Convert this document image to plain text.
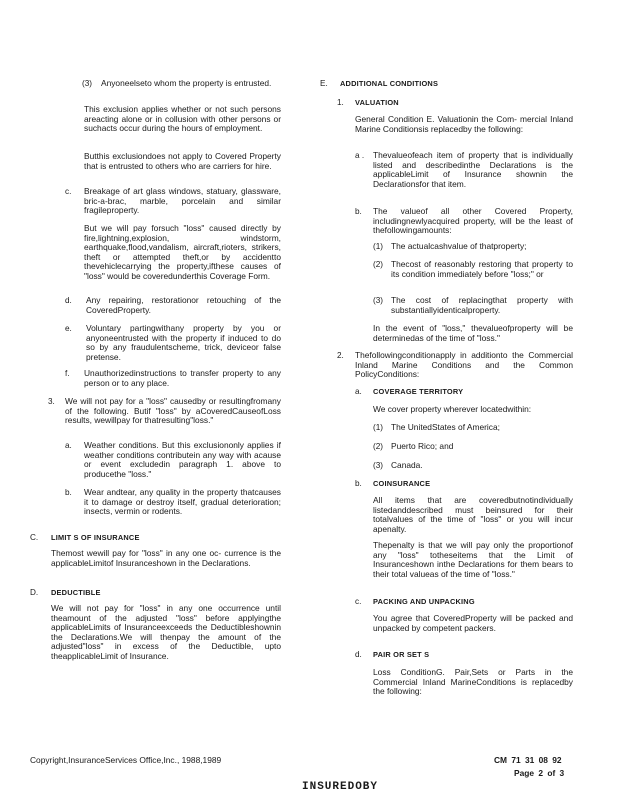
(3) Anyoneelseto whom the property is entrusted.

This exclusion applies whether or not such persons areacting alone or in collusion with other persons or suchacts occur during the hours of employment.

Butthis exclusiondoes not apply to Covered Property that is entrusted to others who are carriers for hire.

c. Breakage of art glass windows, statuary, glassware, bric-a-brac, marble, porcelain and similar fragileproperty.

But we will pay forsuch "loss" caused directly by fire,lightning,explosion, windstorm, earthquake,flood,vandalism, aircraft,rioters, strikers, theft or attempted theft,or by accidentto thevehiclecarrying the property,ifthese causes of "loss" would be coveredunderthis Coverage Form.

d. Any repairing, restorationor retouching of the CoveredProperty.

e. Voluntary partingwithany property by you or anyoneentrusted with the property if induced to do so by any fraudulentscheme, trick, deviceor false pretense.

f. Unauthorizedinstructions to transfer property to any person or to any place.

3. We will not pay for a "loss" causedby or resultingfromany of the following. Butif "loss" by aCoveredCauseofLoss results, wewillpay for thatresulting"loss."

a. Weather conditions. But this exclusiononly applies if weather conditions contributein any way with acause or event excludedin paragraph 1. above to producethe "loss."

b. Wear andtear, any quality in the property thatcauses it to damage or destroy itself, gradual deterioration; insects, vermin or rodents.

C. LIMIT S OF INSURANCE

Themost wewill pay for "loss" in any one oc- currence is the applicableLimitof Insuranceshown in the Declarations.

D. DEDUCTIBLE

We will not pay for "loss" in any one occurrence until theamount of the adjusted "loss" before applyingthe applicableLimits of Insuranceexceeds the Deductibleshownin the Declarations.We will thenpay the amount of the adjusted"loss" in excess of the Deductible, upto theapplicableLimit of Insurance.

E. ADDITIONAL CONDITIONS

1. VALUATION

General Condition E. Valuationin the Com- mercial Inland Marine Conditionsis replacedby the following:

a . Thevalueofeach item of property that is individually listed and describedinthe Declarations is the applicableLimit of Insurance shownin the Declarationsfor that item.

b. The valueof all other Covered Property, includingnewlyacquired property, will be the least of thefollowingamounts:

(1) The actualcashvalue of thatproperty;

(2) Thecost of reasonably restoring that property to its condition immediately before "loss;" or

(3) The cost of replacingthat property with substantiallyidenticalproperty.

In the event of "loss," thevalueofproperty will be determinedas of the time of "loss."

2. Thefollowingconditionapply in additionto the Commercial Inland Marine Conditions and the Common PolicyConditions:

a. COVERAGE TERRITORY

We cover property wherever locatedwithin:

(1) The UnitedStates of America;

(2) Puerto Rico; and

(3) Canada.

b. COINSURANCE

All items that are coveredbutnotindividually listedanddescribed must beinsured for their totalvalues of the time of "loss" or you will incur apenalty.

Thepenalty is that we will pay only the proportionof any "loss" totheseitems that the Limit of Insuranceshown inthe Declarations for them bears to their total valueas of the time of "loss."

c. PACKING AND UNPACKING

You agree that CoveredProperty will be packed and unpacked by competent packers.

d. PAIR OR SET S

Loss ConditionG. Pair,Sets or Parts in the Commercial Inland MarineConditions is replacedby the following:

Copyright,InsuranceServices Office,Inc., 1988,1989	CM 71 31 08 92

Page 2 of 3

INSUREDOBY
